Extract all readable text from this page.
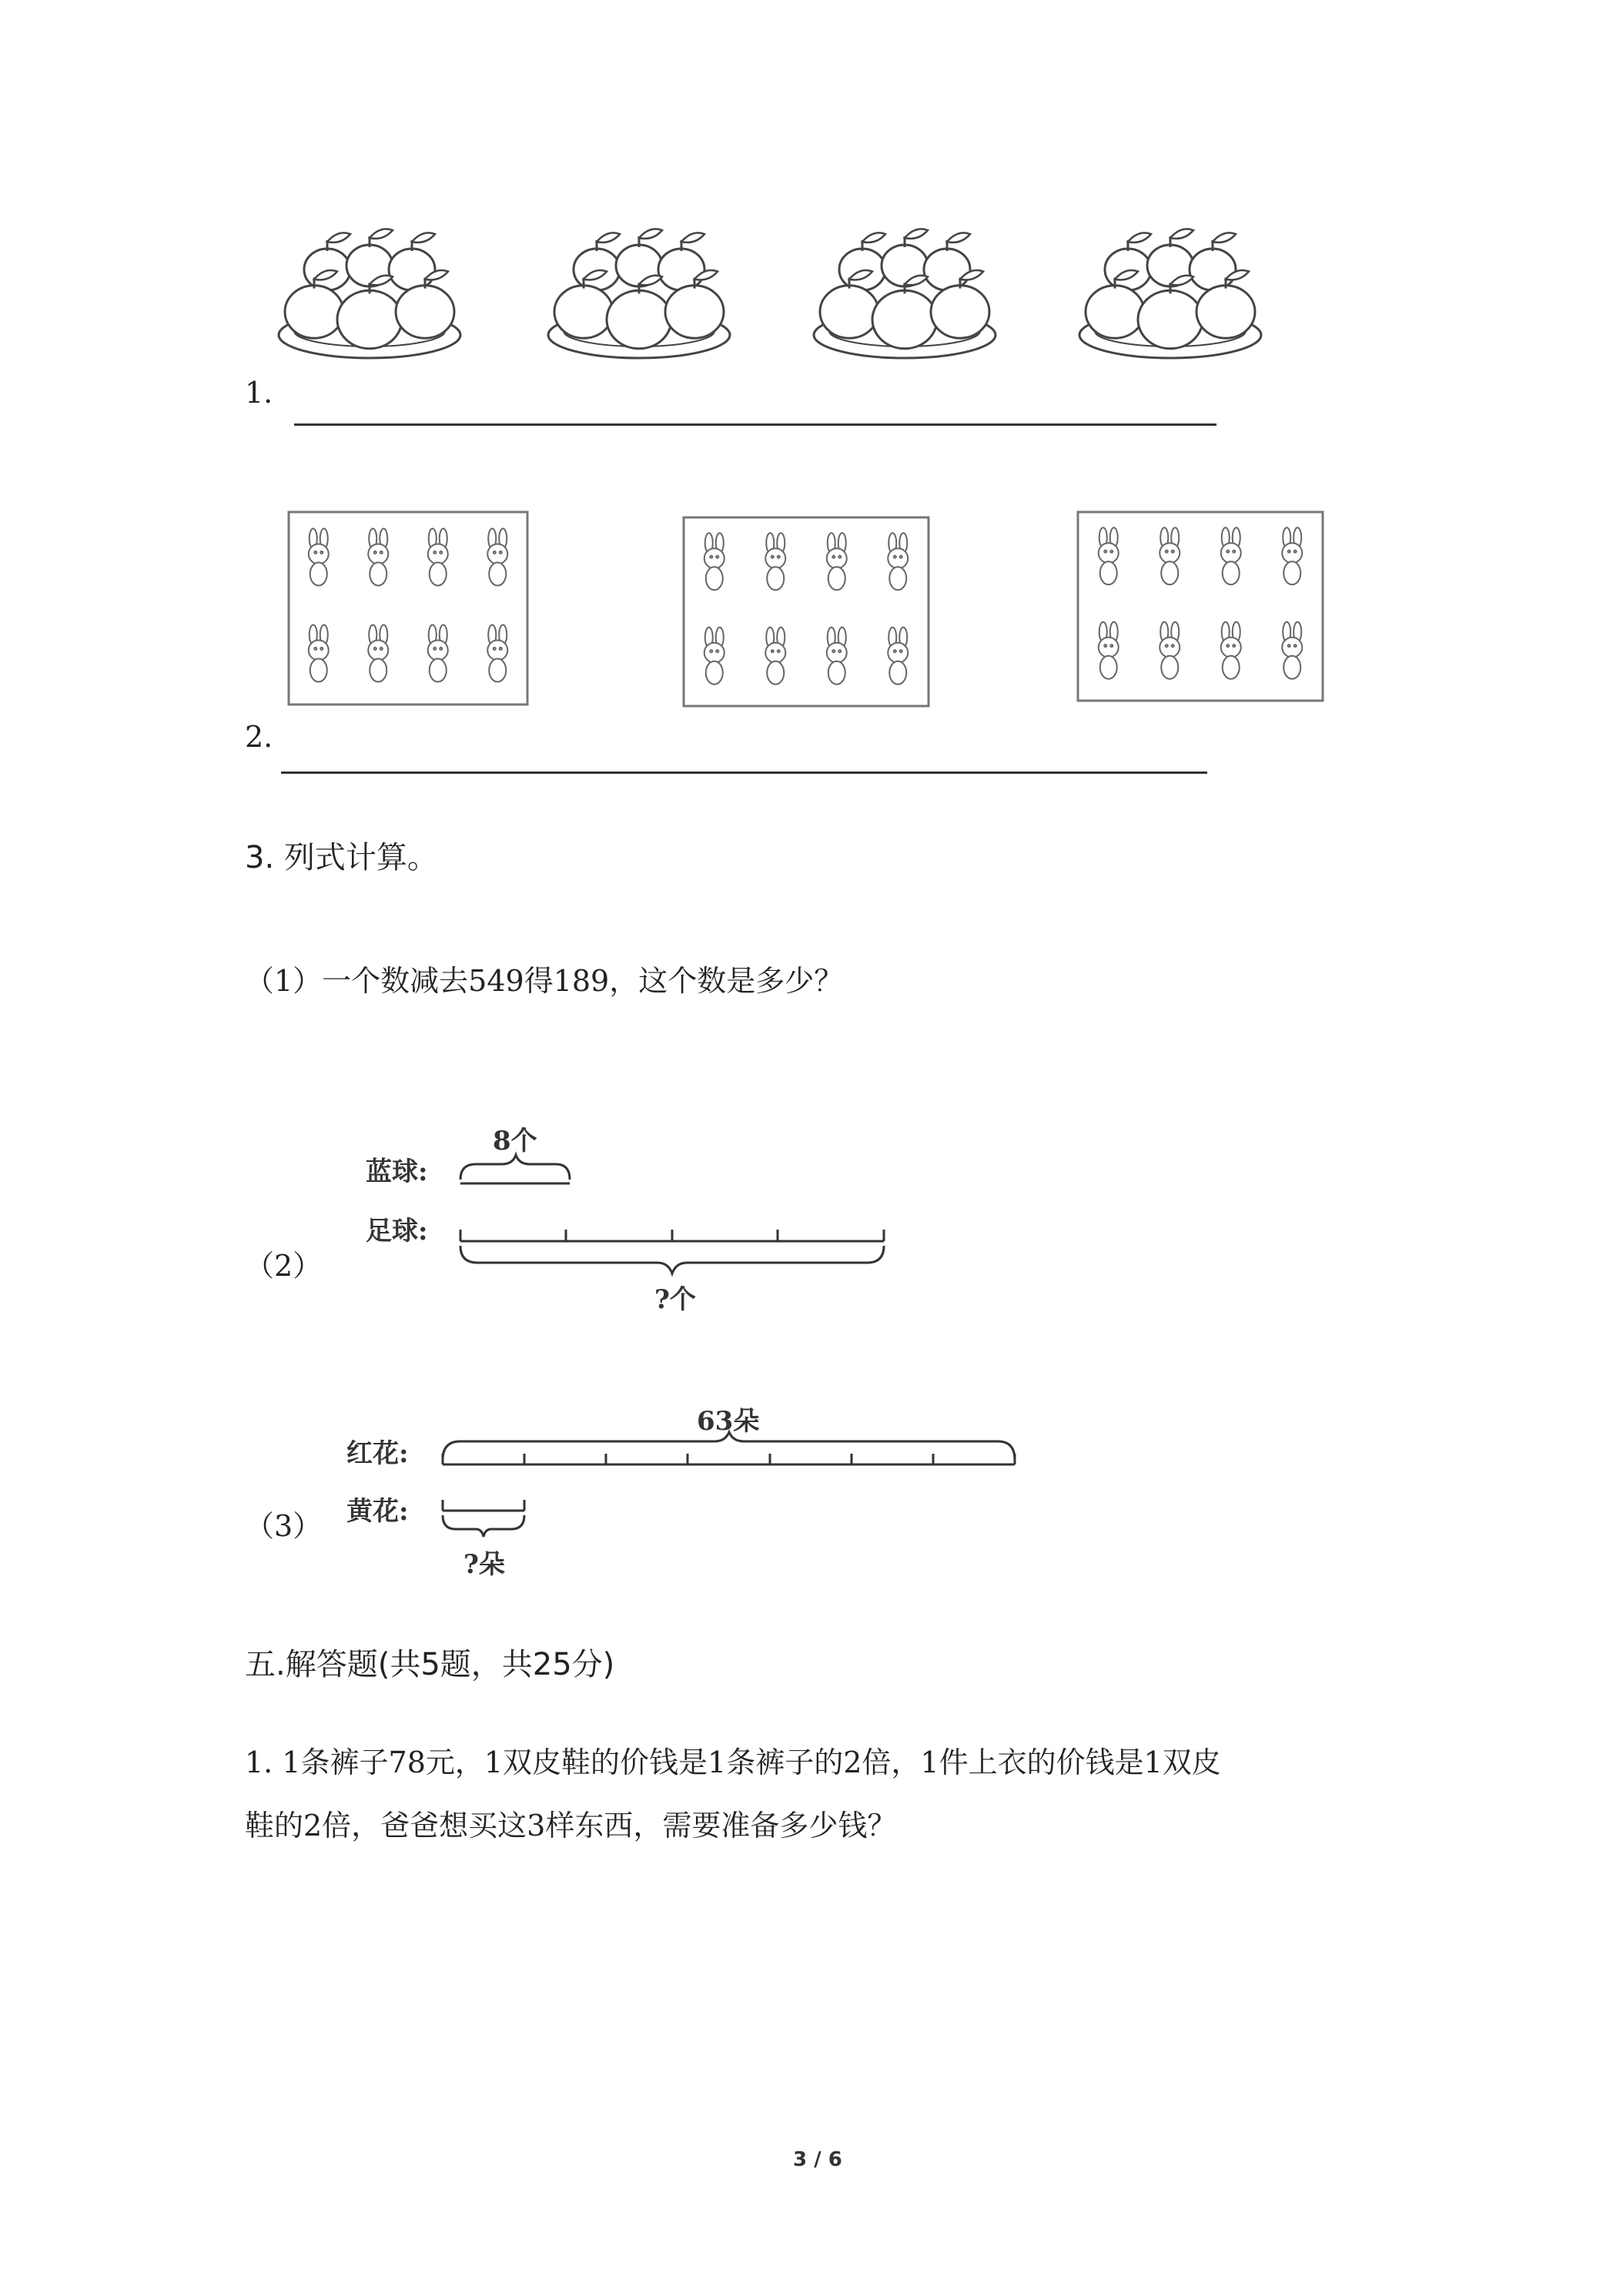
1.
2.
3. 列式计算。
（1）一个数减去549得189，这个数是多少？
（2）
蓝球:
足球:
8个
?个
（3）
红花:
黄花:
63朵
?朵
五.解答题(共5题，共25分)
1. 1条裤子78元，1双皮鞋的价钱是1条裤子的2倍，1件上衣的价钱是1双皮
鞋的2倍，爸爸想买这3样东西，需要准备多少钱？
3 / 6
